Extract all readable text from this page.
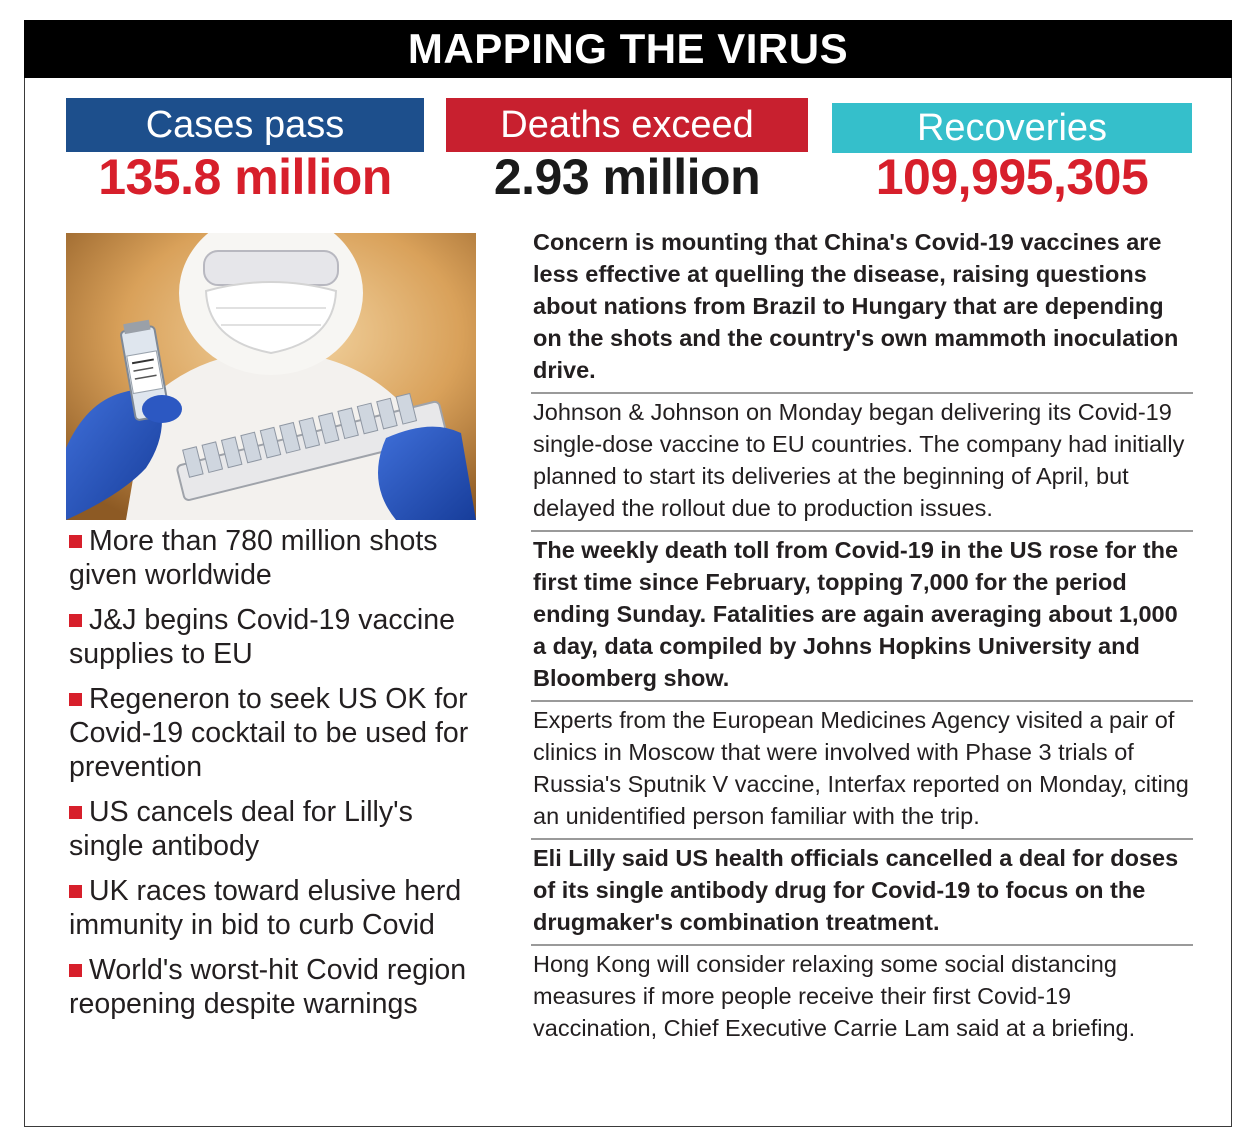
MAPPING THE VIRUS
Cases pass	Deaths exceed	Recoveries
135.8 million	2.93 million	109,995,305
More than 780 million shots given worldwide
J&J begins Covid-19 vaccine supplies to EU
Regeneron to seek US OK for Covid-19 cocktail to be used for prevention
US cancels deal for Lilly's single antibody
UK races toward elusive herd immunity in bid to curb Covid
World's worst-hit Covid region reopening despite warnings
Concern is mounting that China's Covid-19 vaccines are less effective at quelling the disease, raising questions about nations from Brazil to Hungary that are depending on the shots and the country's own mammoth inoculation drive.
Johnson & Johnson on Monday began delivering its Covid-19 single-dose vaccine to EU countries. The company had initially planned to start its deliveries at the beginning of April, but delayed the rollout due to production issues.
The weekly death toll from Covid-19 in the US rose for the first time since February, topping 7,000 for the period ending Sunday. Fatalities are again averaging about 1,000 a day, data compiled by Johns Hopkins University and Bloomberg show.
Experts from the European Medicines Agency visited a pair of clinics in Moscow that were involved with Phase 3 trials of Russia's Sputnik V vaccine, Interfax reported on Monday, citing an unidentified person familiar with the trip.
Eli Lilly said US health officials cancelled a deal for doses of its single antibody drug for Covid-19 to focus on the drugmaker's combination treatment.
Hong Kong will consider relaxing some social distancing measures if more people receive their first Covid-19 vaccination, Chief Executive Carrie Lam said at a briefing.
